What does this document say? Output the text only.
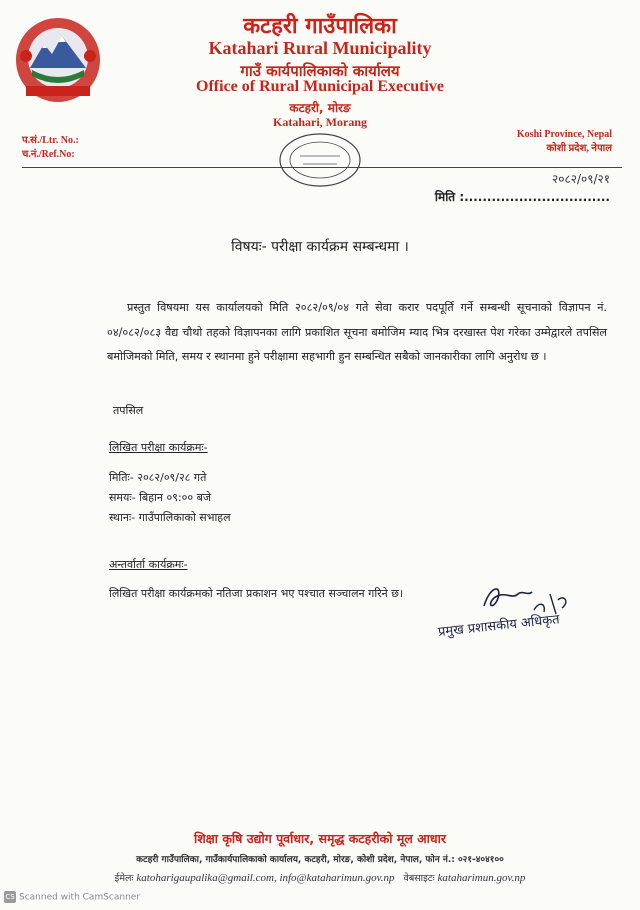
कटहरी गाउँपालिका
Katahari Rural Municipality
गाउँ कार्यपालिकाको कार्यालय
Office of Rural Municipal Executive
कटहरी, मोरङ
Katahari, Morang
प.सं./Ltr. No.:
च.नं./Ref.No:
Koshi Province, Nepal
कोशी प्रदेश, नेपाल
२०८२/०९/२१
मिति :................................
विषयः- परीक्षा कार्यक्रम सम्बन्धमा ।
प्रस्तुत विषयमा यस कार्यालयको मिति २०८२/०९/०४ गते सेवा करार पदपूर्ति गर्ने सम्बन्धी सूचनाको विज्ञापन नं. ०४/०८२/०८३ वैद्य चौथो तहको विज्ञापनका लागि प्रकाशित सूचना बमोजिम म्याद भित्र दरखास्त पेश गरेका उम्मेद्वारले तपसिल बमोजिमको मिति, समय र स्थानमा हुने परीक्षामा सहभागी हुन सम्बन्धित सबैको जानकारीका लागि अनुरोध छ ।
तपसिल
लिखित परीक्षा कार्यक्रमः-
मितिः- २०८२/०९/२८ गते
समयः- बिहान ०९:०० बजे
स्थानः- गाउँपालिकाको सभाहल
अन्तर्वार्ता कार्यक्रमः-
लिखित परीक्षा कार्यक्रमको नतिजा प्रकाशन भए पश्चात सञ्चालन गरिने छ।
प्रमुख प्रशासकीय अधिकृत
शिक्षा कृषि उद्योग पूर्वाधार, समृद्ध कटहरीको मूल आधार
कटहरी गाउँपालिका, गाउँकार्यपालिकाको कार्यालय, कटहरी, मोरङ, कोशी प्रदेश, नेपाल, फोन नं.: ०२१-४०४१००
ईमेलः katoharigaupalika@gmail.com, info@kataharimun.gov.np वेबसाइटः kataharimun.gov.np
CS Scanned with CamScanner
